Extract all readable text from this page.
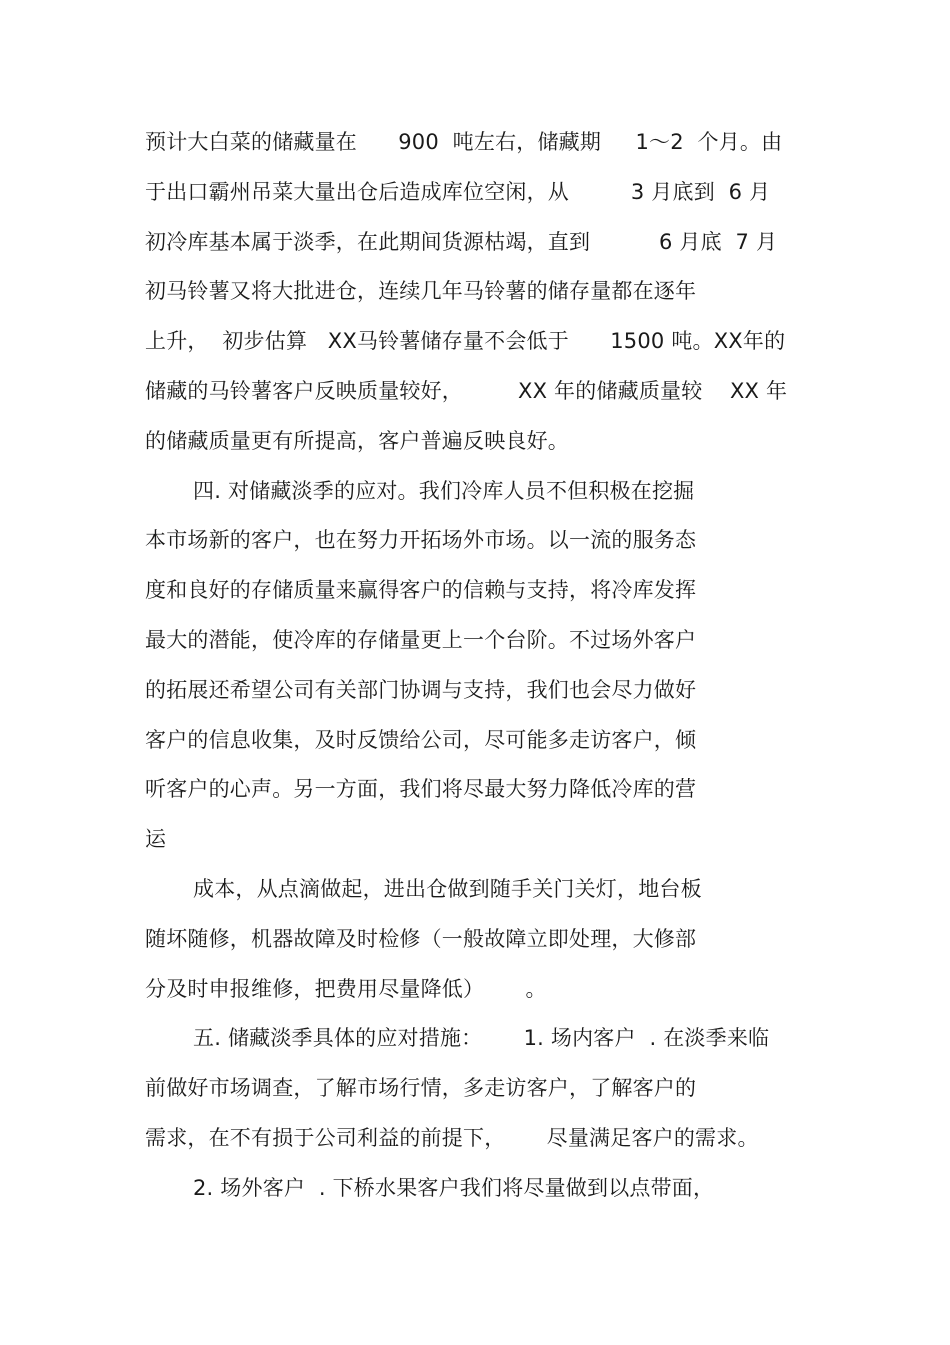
预计大白菜的储藏量在      900  吨左右，储藏期     1～2  个月。由
于出口霸州吊菜大量出仓后造成库位空闲，从         3 月底到  6 月
初冷库基本属于淡季，在此期间货源枯竭，直到          6 月底  7 月
初马铃薯又将大批进仓，连续几年马铃薯的储存量都在逐年
上升，  初步估算   XX马铃薯储存量不会低于      1500 吨。XX年的
储藏的马铃薯客户反映质量较好，        XX 年的储藏质量较    XX 年
的储藏质量更有所提高，客户普遍反映良好。
四. 对储藏淡季的应对。我们冷库人员不但积极在挖掘
本市场新的客户，也在努力开拓场外市场。以一流的服务态
度和良好的存储质量来赢得客户的信赖与支持，将冷库发挥
最大的潜能，使冷库的存储量更上一个台阶。不过场外客户
的拓展还希望公司有关部门协调与支持，我们也会尽力做好
客户的信息收集，及时反馈给公司，尽可能多走访客户，倾
听客户的心声。另一方面，我们将尽最大努力降低冷库的营
运
成本，从点滴做起，进出仓做到随手关门关灯，地台板
随坏随修，机器故障及时检修（一般故障立即处理，大修部
分及时申报维修，把费用尽量降低）      。
五. 储藏淡季具体的应对措施：      1. 场内客户  . 在淡季来临
前做好市场调查，了解市场行情，多走访客户，了解客户的
需求，在不有损于公司利益的前提下，      尽量满足客户的需求。
2. 场外客户  . 下桥水果客户我们将尽量做到以点带面，
